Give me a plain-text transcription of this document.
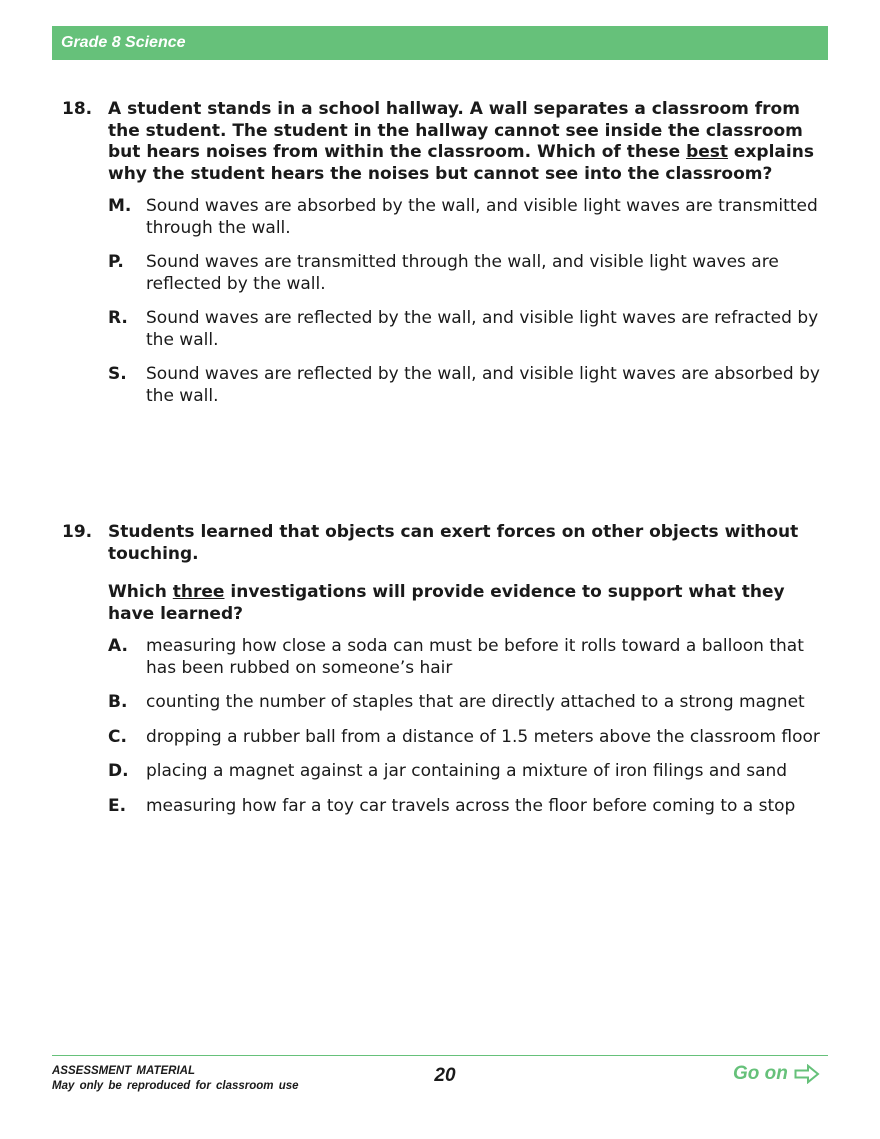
Grade 8 Science
18. A student stands in a school hallway. A wall separates a classroom from the student. The student in the hallway cannot see inside the classroom but hears noises from within the classroom. Which of these best explains why the student hears the noises but cannot see into the classroom?
M. Sound waves are absorbed by the wall, and visible light waves are transmitted through the wall.
P. Sound waves are transmitted through the wall, and visible light waves are reflected by the wall.
R. Sound waves are reflected by the wall, and visible light waves are refracted by the wall.
S. Sound waves are reflected by the wall, and visible light waves are absorbed by the wall.
19. Students learned that objects can exert forces on other objects without touching.
Which three investigations will provide evidence to support what they have learned?
A. measuring how close a soda can must be before it rolls toward a balloon that has been rubbed on someone’s hair
B. counting the number of staples that are directly attached to a strong magnet
C. dropping a rubber ball from a distance of 1.5 meters above the classroom floor
D. placing a magnet against a jar containing a mixture of iron filings and sand
E. measuring how far a toy car travels across the floor before coming to a stop
ASSESSMENT MATERIAL
May only be reproduced for classroom use	20	Go on
